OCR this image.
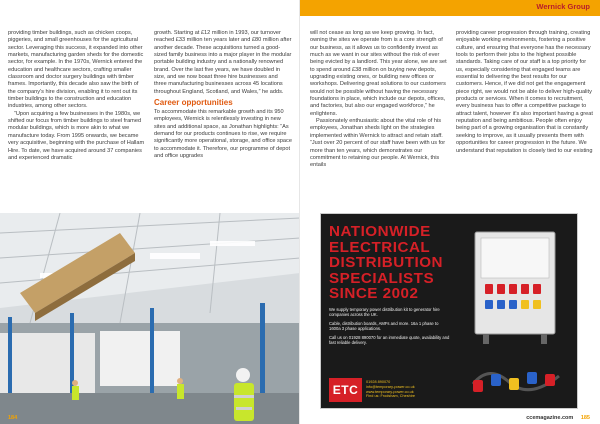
Wernick Group

providing timber buildings, such as chicken coops, piggeries, and small greenhouses for the agricultural sector. Leveraging this success, it expanded into other markets, manufacturing garden sheds for the domestic sector, for example. In the 1970s, Wernick entered the education and healthcare sectors, crafting smaller classroom and doctor surgery buildings with timber frames. Importantly, this decade also saw the birth of the company's hire division, enabling it to rent out its timber buildings to the construction and education industries, among other sectors.

“Upon acquiring a few businesses in the 1980s, we shifted our focus from timber buildings to steel framed modular buildings, which is more akin to what we manufacture today. From 1995 onwards, we became very acquisitive, beginning with the purchase of Hallam Hire. To date, we have acquired around 37 companies and experienced dramatic

growth. Starting at £12 million in 1993, our turnover reached £33 million ten years later and £80 million after another decade. These acquisitions turned a good-sized family business into a major player in the modular portable building industry and a nationally renowned brand. Over the last five years, we have doubled in size, and we now boast three hire businesses and three manufacturing businesses across 45 locations throughout England, Scotland, and Wales,” he adds.

Career opportunities

To accommodate this remarkable growth and its 950 employees, Wernick is relentlessly investing in new sites and additional space, as Jonathan highlights: “As demand for our products continues to rise, we require significantly more operational, storage, and office space to accommodate it. Therefore, our programme of depot and office upgrades

will not cease as long as we keep growing. In fact, owning the sites we operate from is a core strength of our business, as it allows us to confidently invest as much as we want in our sites without the risk of ever being evicted by a landlord. This year alone, we are set to spend around £38 million on buying new depots, upgrading existing ones, or building new offices or workshops. Delivering great solutions to our customers would not be possible without having the necessary foundations in place, which include our depots, offices, and factories, but also our engaged workforce,” he enlightens.

Passionately enthusiastic about the vital role of his employees, Jonathan sheds light on the strategies implemented within Wernick to attract and retain staff. “Just over 20 percent of our staff have been with us for more than ten years, which demonstrates our commitment to retaining our people. At Wernick, this entails

providing career progression through training, creating enjoyable working environments, fostering a positive culture, and ensuring that everyone has the necessary tools to perform their jobs to the highest possible standards. Taking care of our staff is a top priority for us, especially considering that engaged teams are essential to delivering the best results for our customers. Hence, if we did not get the engagement piece right, we would not be able to deliver high-quality products or services. When it comes to recruitment, every business has to offer a competitive package to attract talent, however it's also important having a great reputation and being ambitious. People often enjoy being part of a growing organisation that is constantly seeking to improve, as it usually presents them with opportunities for career progression in the future. We understand that reputation is closely tied to our existing

NATIONWIDE
ELECTRICAL
DISTRIBUTION
SPECIALISTS
SINCE 2002

We supply temporary power distribution kit to generator hire companies across the UK.

Cable, distribution boards, AMFs and more. 16a 1 phase to 1600a 3 phase applications.

Call us on 01928 890070 for an immediate quote, availability and fast reliable delivery.

ETC
01928 890070
info@temporary-power.co.uk
www.temporary-power.co.uk
Find us: Frodsham, Cheshire
184	ccemagazine.com 185
